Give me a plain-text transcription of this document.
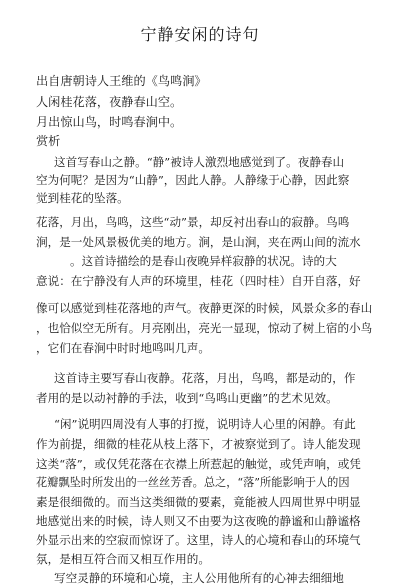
宁静安闲的诗句
出自唐朝诗人王维的《鸟鸣涧》
人闲桂花落，夜静春山空。
月出惊山鸟，时鸣春涧中。
赏析
这首写春山之静。“静”被诗人激烈地感觉到了。夜静春山
空为何呢？是因为“山静”，因此人静。人静缘于心静，因此察
觉到桂花的坠落。
花落，月出，鸟鸣，这些“动”景，却反衬出春山的寂静。鸟鸣
涧，是一处风景极优美的地方。涧，是山涧，夹在两山间的流水
。这首诗描绘的是春山夜晚异样寂静的状况。诗的大
意说：在宁静没有人声的环境里，桂花（四时桂）自开自落，好
像可以感觉到桂花落地的声气。夜静更深的时候，风景众多的春山
，也恰似空无所有。月亮刚出，亮光一显现，惊动了树上宿的小鸟
，它们在春涧中时时地鸣叫几声。
这首诗主要写春山夜静。花落，月出，鸟鸣，都是动的，作
者用的是以动衬静的手法，收到“鸟鸣山更幽”的艺术见效。
“闲”说明四周没有人事的打搅，说明诗人心里的闲静。有此
作为前提，细微的桂花从枝上落下，才被察觉到了。诗人能发现
这类“落”，或仅凭花落在衣襟上所惹起的触觉，或凭声响，或凭
花瓣飘坠时所发出的一丝丝芳香。总之，“落”所能影响于人的因
素是很细微的。而当这类细微的要素，竟能被人四周世界中明显
地感觉出来的时候，诗人则又不由要为这夜晚的静谧和山静谧格
外显示出来的空寂而惊讶了。这里，诗人的心境和春山的环境气
氛，是相互符合而又相互作用的。
写空灵静的环境和心境，主人公用他所有的心神去细细地
